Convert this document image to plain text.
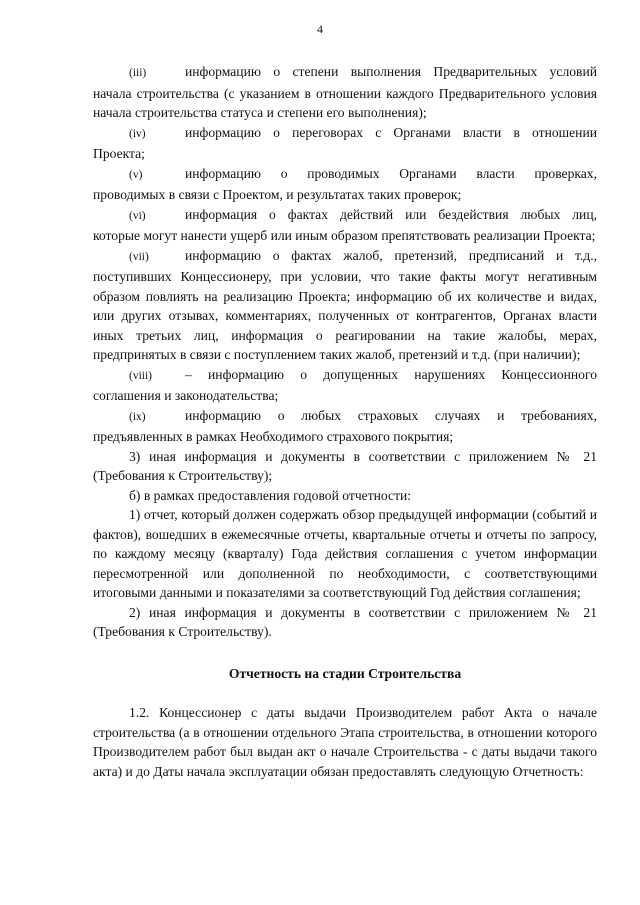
4
(iii)	информацию о степени выполнения Предварительных условий
начала строительства (с указанием в отношении каждого Предварительного условия начала строительства статуса и степени его выполнения);
(iv)	информацию о переговорах с Органами власти в отношении
Проекта;
(v)	информацию о проводимых Органами власти проверках,
проводимых в связи с Проектом, и результатах таких проверок;
(vi)	информация о фактах действий или бездействия любых лиц,
которые могут нанести ущерб или иным образом препятствовать реализации Проекта;
(vii)	информацию о фактах жалоб, претензий, предписаний и т.д.,
поступивших Концессионеру, при условии, что такие факты могут негативным образом повлиять на реализацию Проекта; информацию об их количестве и видах, или других отзывах, комментариях, полученных от контрагентов, Органах власти иных третьих лиц, информация о реагировании на такие жалобы, мерах, предпринятых в связи с поступлением таких жалоб, претензий и т.д. (при наличии);
(viii)	– информацию о допущенных нарушениях Концессионного
соглашения и законодательства;
(ix)	информацию о любых страховых случаях и требованиях,
предъявленных в рамках Необходимого страхового покрытия;

3) иная информация и документы в соответствии с приложением № 21 (Требования к Строительству);

б) в рамках предоставления годовой отчетности:

1) отчет, который должен содержать обзор предыдущей информации (событий и фактов), вошедших в ежемесячные отчеты, квартальные отчеты и отчеты по запросу, по каждому месяцу (кварталу) Года действия соглашения с учетом информации пересмотренной или дополненной по необходимости, с соответствующими итоговыми данными и показателями за соответствующий Год действия соглашения;

2) иная информация и документы в соответствии с приложением № 21 (Требования к Строительству).

Отчетность на стадии Строительства

1.2. Концессионер с даты выдачи Производителем работ Акта о начале строительства (а в отношении отдельного Этапа строительства, в отношении которого Производителем работ был выдан акт о начале Строительства - с даты выдачи такого акта) и до Даты начала эксплуатации обязан предоставлять следующую Отчетность:
